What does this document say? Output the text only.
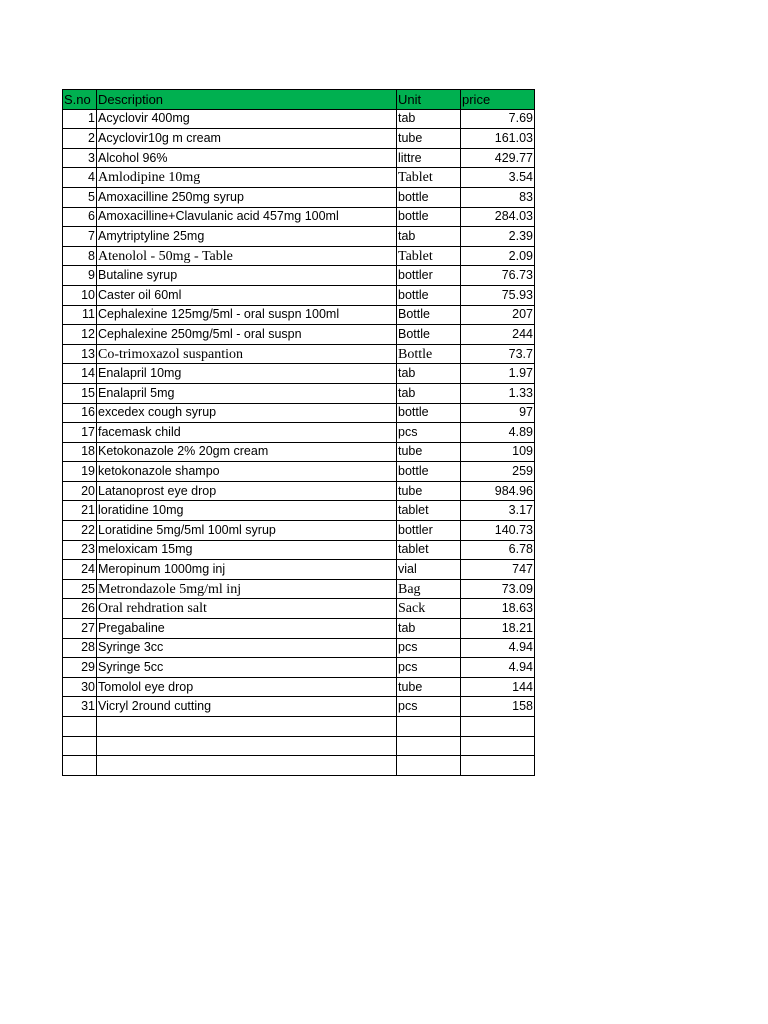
S.no	Description	Unit	price
1	Acyclovir 400mg	tab	7.69
2	Acyclovir10g m cream	tube	161.03
3	Alcohol 96%	littre	429.77
4	Amlodipine 10mg	Tablet	3.54
5	Amoxacilline 250mg syrup	bottle	83
6	Amoxacilline+Clavulanic acid 457mg 100ml	bottle	284.03
7	Amytriptyline 25mg	tab	2.39
8	Atenolol - 50mg - Table	Tablet	2.09
9	Butaline syrup	bottler	76.73
10	Caster oil 60ml	bottle	75.93
11	Cephalexine 125mg/5ml - oral suspn 100ml	Bottle	207
12	Cephalexine 250mg/5ml - oral suspn	Bottle	244
13	Co-trimoxazol suspantion	Bottle	73.7
14	Enalapril 10mg	tab	1.97
15	Enalapril 5mg	tab	1.33
16	excedex cough syrup	bottle	97
17	facemask child	pcs	4.89
18	Ketokonazole 2% 20gm cream	tube	109
19	ketokonazole shampo	bottle	259
20	Latanoprost eye drop	tube	984.96
21	loratidine 10mg	tablet	3.17
22	Loratidine 5mg/5ml 100ml syrup	bottler	140.73
23	meloxicam 15mg	tablet	6.78
24	Meropinum 1000mg inj	vial	747
25	Metrondazole 5mg/ml inj	Bag	73.09
26	Oral rehdration salt	Sack	18.63
27	Pregabaline	tab	18.21
28	Syringe 3cc	pcs	4.94
29	Syringe 5cc	pcs	4.94
30	Tomolol eye drop	tube	144
31	Vicryl 2round cutting	pcs	158
